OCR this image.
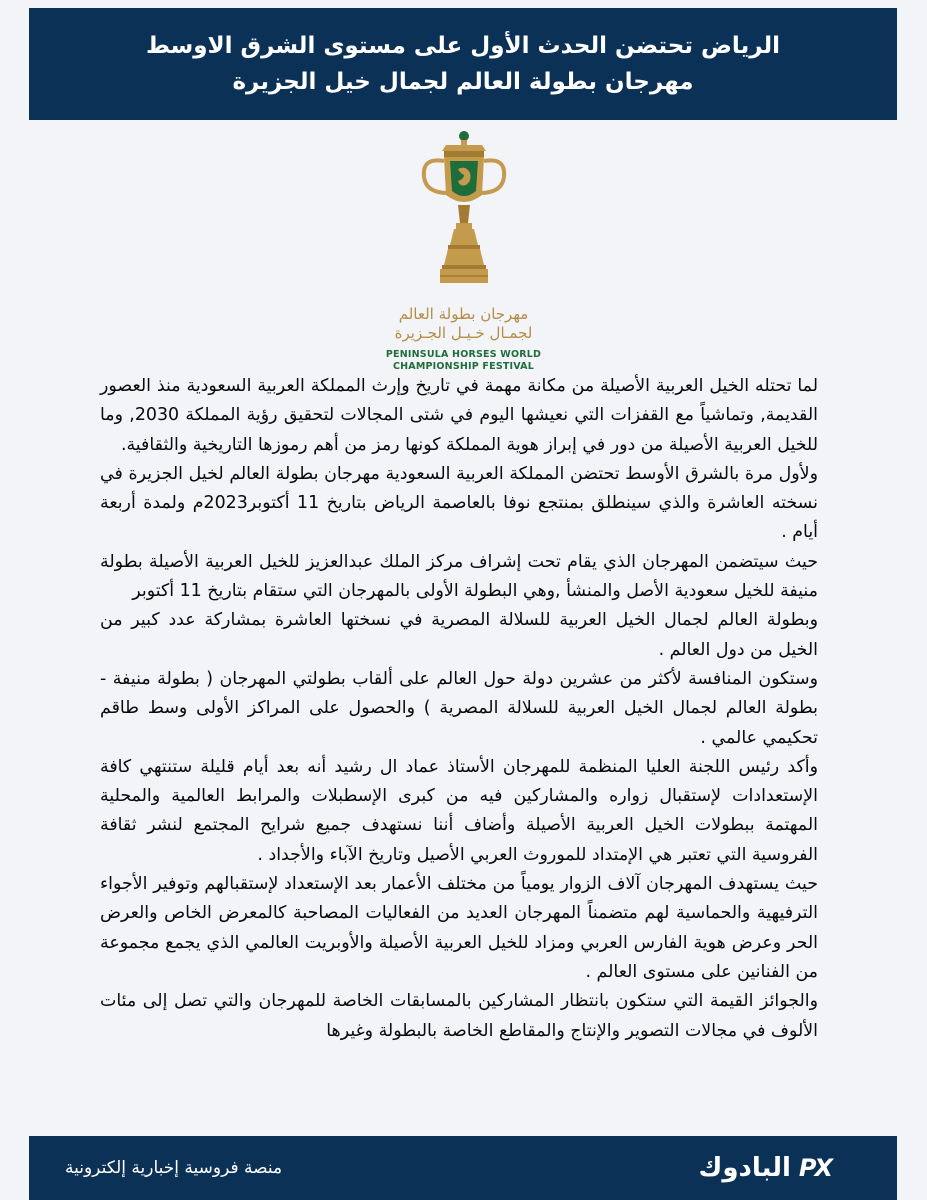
الرياض تحتضن الحدث الأول على مستوى الشرق الاوسط
مهرجان بطولة العالم لجمال خيل الجزيرة
مهرجان بطولة العالم
لجمـال خـيـل الجـزيرة
PENINSULA HORSES WORLD
CHAMPIONSHIP FESTIVAL

لما تحتله الخيل العربية الأصيلة من مكانة مهمة في تاريخ وإرث المملكة العربية السعودية منذ العصور القديمة, وتماشياً مع القفزات التي نعيشها اليوم في شتى المجالات لتحقيق رؤية المملكة 2030, وما للخيل العربية الأصيلة من دور في إبراز هوية المملكة كونها رمز من أهم رموزها التاريخية والثقافية.

ولأول مرة بالشرق الأوسط تحتضن المملكة العربية السعودية مهرجان بطولة العالم لخيل الجزيرة في نسخته العاشرة والذي سينطلق بمنتجع نوفا بالعاصمة الرياض بتاريخ 11 أكتوبر2023م ولمدة أربعة أيام .

حيث سيتضمن المهرجان الذي يقام تحت إشراف مركز الملك عبدالعزيز للخيل العربية الأصيلة بطولة منيفة للخيل سعودية الأصل والمنشأ ,وهي البطولة الأولى بالمهرجان التي ستقام بتاريخ 11 أكتوبر

وبطولة العالم لجمال الخيل العربية للسلالة المصرية في نسختها العاشرة بمشاركة عدد كبير من الخيل من دول العالم .

وستكون المنافسة لأكثر من عشرين دولة حول العالم على ألقاب بطولتي المهرجان ( بطولة منيفة - بطولة العالم لجمال الخيل العربية للسلالة المصرية ) والحصول على المراكز الأولى وسط طاقم تحكيمي عالمي .

وأكد رئيس اللجنة العليا المنظمة للمهرجان الأستاذ عماد ال رشيد أنه بعد أيام قليلة ستنتهي كافة الإستعدادات لإستقبال زواره والمشاركين فيه من كبرى الإسطبلات والمرابط العالمية والمحلية المهتمة ببطولات الخيل العربية الأصيلة وأضاف أننا نستهدف جميع شرايح المجتمع لنشر ثقافة الفروسية التي تعتبر هي الإمتداد للموروث العربي الأصيل وتاريخ الآباء والأجداد .

حيث يستهدف المهرجان آلاف الزوار يومياً من مختلف الأعمار بعد الإستعداد لإستقبالهم وتوفير الأجواء الترفيهية والحماسية لهم متضمناً المهرجان العديد من الفعاليات المصاحبة كالمعرض الخاص والعرض الحر وعرض هوية الفارس العربي ومزاد للخيل العربية الأصيلة والأوبريت العالمي الذي يجمع مجموعة من الفنانين على مستوى العالم .

والجوائز القيمة التي ستكون بانتظار المشاركين بالمسابقات الخاصة للمهرجان والتي تصل إلى مئات الألوف في مجالات التصوير والإنتاج والمقاطع الخاصة بالبطولة وغيرها

منصة فروسية إخبارية إلكترونية	البادوك PX
